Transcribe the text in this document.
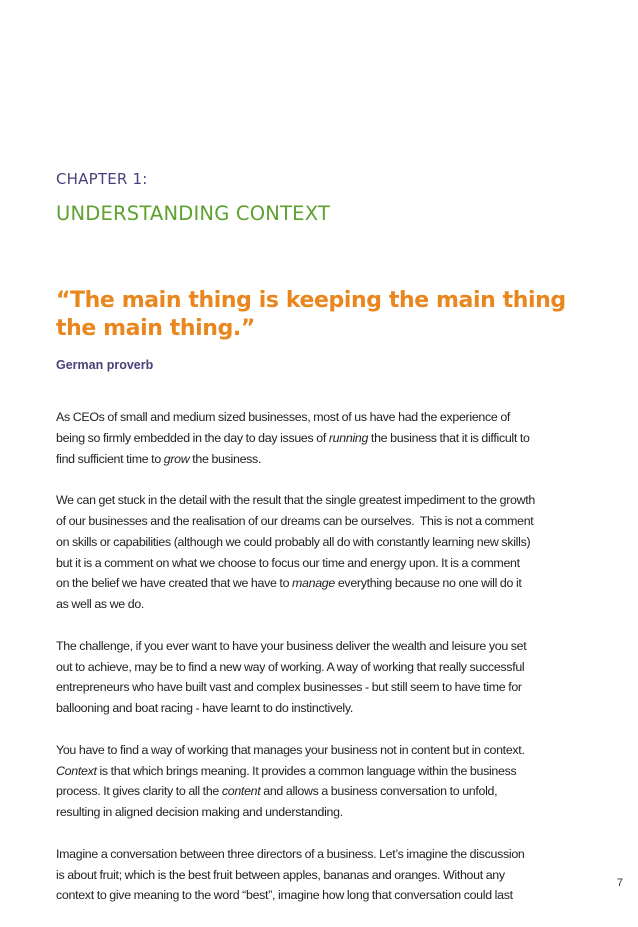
CHAPTER 1:
UNDERSTANDING CONTEXT
“The main thing is keeping the main thing
the main thing.”
German proverb

As CEOs of small and medium sized businesses, most of us have had the experience of
being so firmly embedded in the day to day issues of running the business that it is difficult to
find sufficient time to grow the business.

We can get stuck in the detail with the result that the single greatest impediment to the growth
of our businesses and the realisation of our dreams can be ourselves.  This is not a comment
on skills or capabilities (although we could probably all do with constantly learning new skills)
but it is a comment on what we choose to focus our time and energy upon. It is a comment
on the belief we have created that we have to manage everything because no one will do it
as well as we do.

The challenge, if you ever want to have your business deliver the wealth and leisure you set
out to achieve, may be to find a new way of working. A way of working that really successful
entrepreneurs who have built vast and complex businesses - but still seem to have time for
ballooning and boat racing - have learnt to do instinctively.

You have to find a way of working that manages your business not in content but in context.
Context is that which brings meaning. It provides a common language within the business
process. It gives clarity to all the content and allows a business conversation to unfold,
resulting in aligned decision making and understanding.

Imagine a conversation between three directors of a business. Let’s imagine the discussion
is about fruit; which is the best fruit between apples, bananas and oranges. Without any
context to give meaning to the word “best”, imagine how long that conversation could last

7
